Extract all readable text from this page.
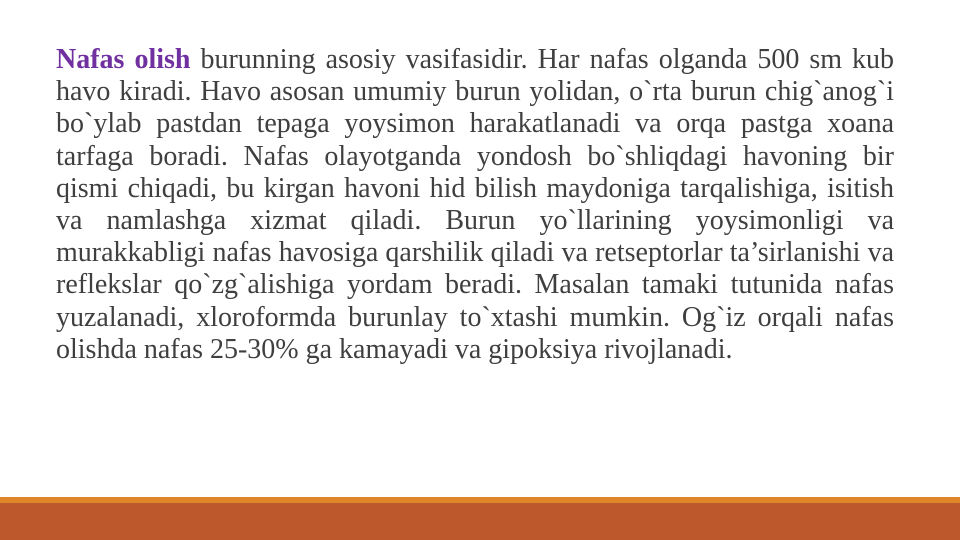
Nafas olish burunning asosiy vasifasidir. Har nafas olganda 500 sm kub havo kiradi. Havo asosan umumiy burun yolidan, o`rta burun chig`anog`i bo`ylab pastdan tepaga yoysimon harakatlanadi va orqa pastga xoana tarfaga boradi. Nafas olayotganda yondosh bo`shliqdagi havoning bir qismi chiqadi, bu kirgan havoni hid bilish maydoniga tarqalishiga, isitish va namlashga xizmat qiladi. Burun yo`llarining yoysimonligi va murakkabligi nafas havosiga qarshilik qiladi va retseptorlar ta’sirlanishi va reflekslar qo`zg`alishiga yordam beradi. Masalan tamaki tutunida nafas yuzalanadi, xloroformda burunlay to`xtashi mumkin. Og`iz orqali nafas olishda nafas 25-30% ga kamayadi va gipoksiya rivojlanadi.
